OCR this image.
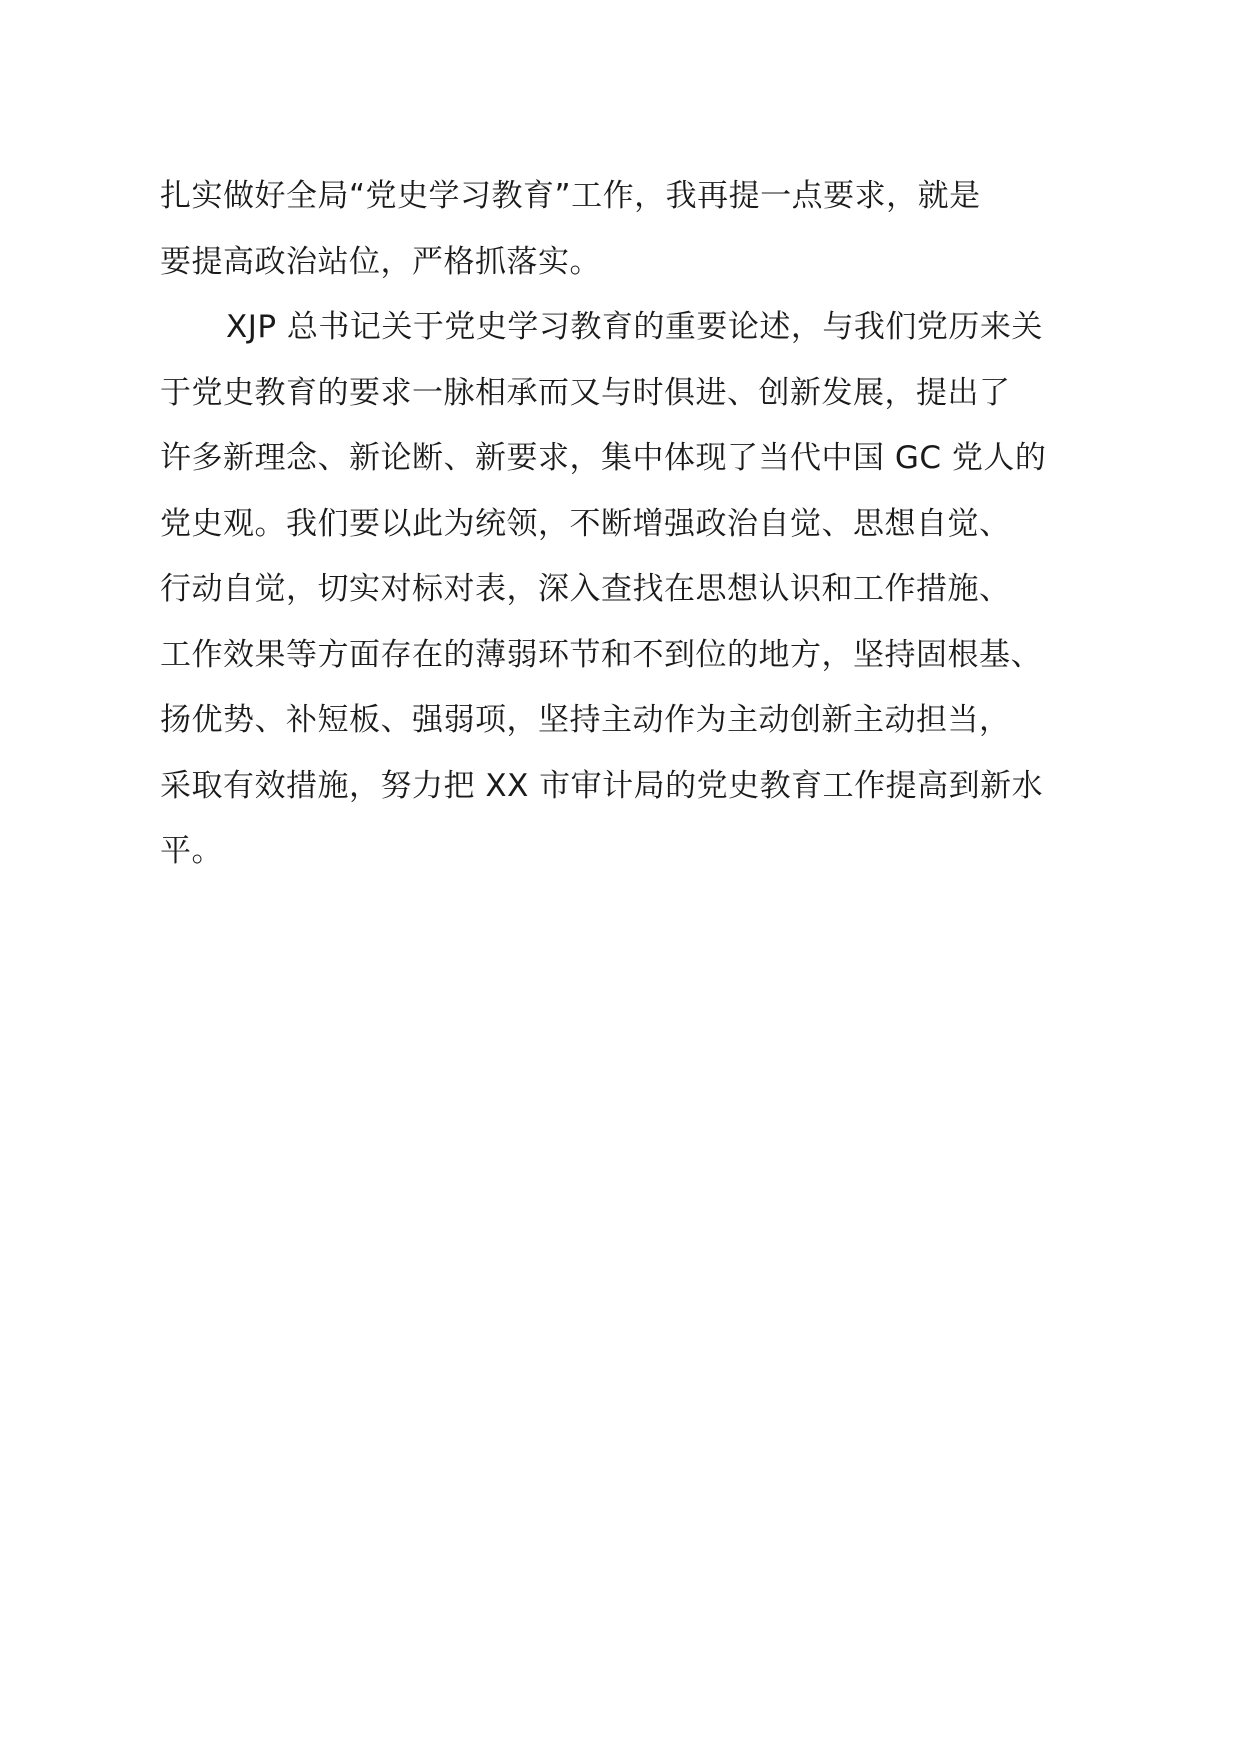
扎实做好全局“党史学习教育”工作，我再提一点要求，就是
要提高政治站位，严格抓落实。

XJP 总书记关于党史学习教育的重要论述，与我们党历来关
于党史教育的要求一脉相承而又与时俱进、创新发展，提出了
许多新理念、新论断、新要求，集中体现了当代中国 GC 党人的
党史观。我们要以此为统领，不断增强政治自觉、思想自觉、
行动自觉，切实对标对表，深入查找在思想认识和工作措施、
工作效果等方面存在的薄弱环节和不到位的地方，坚持固根基、
扬优势、补短板、强弱项，坚持主动作为主动创新主动担当，
采取有效措施，努力把 XX 市审计局的党史教育工作提高到新水
平。
